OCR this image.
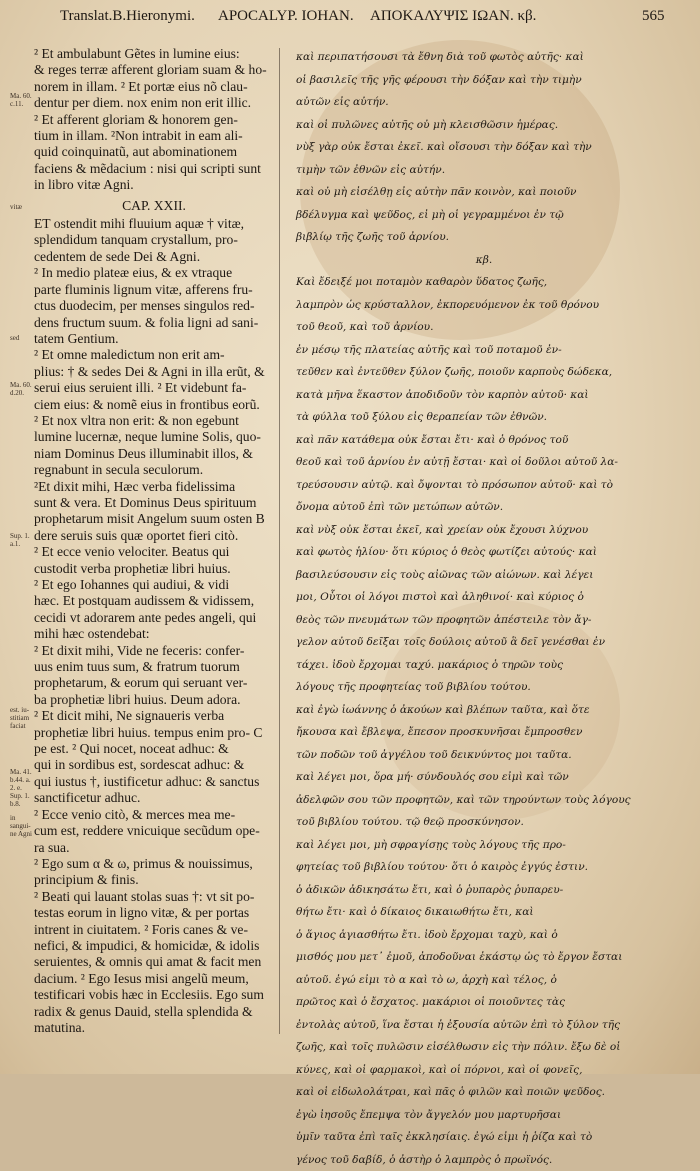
Translat.B.Hieronymi. APOCALYP. IOHAN. ΑΠΟΚΑΛΥΨΙΣ ΙΩΑΝ. κβ.	565
Ma. 60. c.11.
vitæ
sed
Ma. 60. d.20.
Sup. 1. a.1.
est. iu- stitiam faciat
Ma. 41. b.44. a. 2. e. Sup. 1. b.8.
in sangui- ne Agni
² Et ambulabunt Gẽtes in lumine eius:
& reges terræ afferent gloriam suam & ho-
norem in illam. ² Et portæ eius nõ clau-
dentur per diem. nox enim non erit illic.
² Et afferent gloriam & honorem gen-
tium in illam. ²Non intrabit in eam ali-
quid coinquinatũ, aut abominationem
faciens & mẽdacium : nisi qui scripti sunt
in libro vitæ Agni.
CAP. XXII.
ET ostendit mihi fluuium aquæ † vitæ,
splendidum tanquam crystallum, pro-
cedentem de sede Dei & Agni.
² In medio plateæ eius, & ex vtraque
parte fluminis lignum vitæ, afferens fru-
ctus duodecim, per menses singulos red-
dens fructum suum. & folia ligni ad sani-
tatem Gentium.
² Et omne maledictum non erit am-
plius: † & sedes Dei & Agni in illa erũt, &
serui eius seruient illi. ² Et videbunt fa-
ciem eius: & nomẽ eius in frontibus eorũ.
² Et nox vltra non erit: & non egebunt
lumine lucernæ, neque lumine Solis, quo-
niam Dominus Deus illuminabit illos, &
regnabunt in secula seculorum.
²Et dixit mihi, Hæc verba fidelissima
sunt & vera. Et Dominus Deus spirituum
prophetarum misit Angelum suum osten B
dere seruis suis quæ oportet fieri citò.
² Et ecce venio velociter. Beatus qui
custodit verba prophetiæ libri huius.
² Et ego Iohannes qui audiui, & vidi
hæc. Et postquam audissem & vidissem,
cecidi vt adorarem ante pedes angeli, qui
mihi hæc ostendebat:
² Et dixit mihi, Vide ne feceris: confer-
uus enim tuus sum, & fratrum tuorum
prophetarum, & eorum qui seruant ver-
ba prophetiæ libri huius. Deum adora.
² Et dicit mihi, Ne signaueris verba
prophetiæ libri huius. tempus enim pro- C
pe est. ² Qui nocet, noceat adhuc: &
qui in sordibus est, sordescat adhuc: &
qui iustus †, iustificetur adhuc: & sanctus
sanctificetur adhuc.
² Ecce venio citò, & merces mea me-
cum est, reddere vnicuique secũdum ope-
ra sua.
² Ego sum α & ω, primus & nouissimus,
principium & finis.
² Beati qui lauant stolas suas †: vt sit po-
testas eorum in ligno vitæ, & per portas
intrent in ciuitatem. ² Foris canes & ve-
nefici, & impudici, & homicidæ, & idolis
seruientes, & omnis qui amat & facit men
dacium. ² Ego Iesus misi angelũ meum,
testificari vobis hæc in Ecclesiis. Ego sum
radix & genus Dauid, stella splendida &
matutina.
καὶ περιπατήσουσι τὰ ἔθνη διὰ τοῦ φωτὸς αὐτῆς· καὶ
οἱ βασιλεῖς τῆς γῆς φέρουσι τὴν δόξαν καὶ τὴν τιμὴν
αὐτῶν εἰς αὐτήν.
καὶ οἱ πυλῶνες αὐτῆς οὐ μὴ κλεισθῶσιν ἡμέρας.
νὺξ γὰρ οὐκ ἔσται ἐκεῖ. καὶ οἴσουσι τὴν δόξαν καὶ τὴν
τιμὴν τῶν ἐθνῶν εἰς αὐτήν.
καὶ οὐ μὴ εἰσέλθῃ εἰς αὐτὴν πᾶν κοινὸν, καὶ ποιοῦν
βδέλυγμα καὶ ψεῦδος, εἰ μὴ οἱ γεγραμμένοι ἐν τῷ
βιβλίῳ τῆς ζωῆς τοῦ ἀρνίου.
κβ.
Καὶ ἔδειξέ μοι ποταμὸν καθαρὸν ὕδατος ζωῆς,
λαμπρὸν ὡς κρύσταλλον, ἐκπορευόμενον ἐκ τοῦ θρόνου
τοῦ θεοῦ, καὶ τοῦ ἀρνίου.
ἐν μέσῳ τῆς πλατείας αὐτῆς καὶ τοῦ ποταμοῦ ἐν-
τεῦθεν καὶ ἐντεῦθεν ξύλον ζωῆς, ποιοῦν καρποὺς δώδεκα,
κατὰ μῆνα ἕκαστον ἀποδιδοῦν τὸν καρπὸν αὐτοῦ· καὶ
τὰ φύλλα τοῦ ξύλου εἰς θεραπείαν τῶν ἐθνῶν.
καὶ πᾶν κατάθεμα οὐκ ἔσται ἔτι· καὶ ὁ θρόνος τοῦ
θεοῦ καὶ τοῦ ἀρνίου ἐν αὐτῇ ἔσται· καὶ οἱ δοῦλοι αὐτοῦ λα-
τρεύσουσιν αὐτῷ. καὶ ὄψονται τὸ πρόσωπον αὐτοῦ· καὶ τὸ
ὄνομα αὐτοῦ ἐπὶ τῶν μετώπων αὐτῶν.
καὶ νὺξ οὐκ ἔσται ἐκεῖ, καὶ χρείαν οὐκ ἔχουσι λύχνου
καὶ φωτὸς ἡλίου· ὅτι κύριος ὁ θεὸς φωτίζει αὐτούς· καὶ
βασιλεύσουσιν εἰς τοὺς αἰῶνας τῶν αἰώνων. καὶ λέγει
μοι, Οὗτοι οἱ λόγοι πιστοὶ καὶ ἀληθινοί· καὶ κύριος ὁ
θεὸς τῶν πνευμάτων τῶν προφητῶν ἀπέστειλε τὸν ἄγ-
γελον αὐτοῦ δεῖξαι τοῖς δούλοις αὐτοῦ ἃ δεῖ γενέσθαι ἐν
τάχει. ἰδοὺ ἔρχομαι ταχύ. μακάριος ὁ τηρῶν τοὺς
λόγους τῆς προφητείας τοῦ βιβλίου τούτου.
καὶ ἐγὼ ἰωάννης ὁ ἀκούων καὶ βλέπων ταῦτα, καὶ ὅτε
ἤκουσα καὶ ἔβλεψα, ἔπεσον προσκυνῆσαι ἔμπροσθεν
τῶν ποδῶν τοῦ ἀγγέλου τοῦ δεικνύντος μοι ταῦτα.
καὶ λέγει μοι, ὅρα μή· σύνδουλός σου εἰμὶ καὶ τῶν
ἀδελφῶν σου τῶν προφητῶν, καὶ τῶν τηρούντων τοὺς λόγους
τοῦ βιβλίου τούτου. τῷ θεῷ προσκύνησον.
καὶ λέγει μοι, μὴ σφραγίσῃς τοὺς λόγους τῆς προ-
φητείας τοῦ βιβλίου τούτου· ὅτι ὁ καιρὸς ἐγγύς ἐστιν.
ὁ ἀδικῶν ἀδικησάτω ἔτι, καὶ ὁ ῥυπαρὸς ῥυπαρευ-
θήτω ἔτι· καὶ ὁ δίκαιος δικαιωθήτω ἔτι, καὶ
ὁ ἅγιος ἁγιασθήτω ἔτι. ἰδοὺ ἔρχομαι ταχὺ, καὶ ὁ
μισθός μου μετ᾽ ἐμοῦ, ἀποδοῦναι ἑκάστῳ ὡς τὸ ἔργον ἔσται
αὐτοῦ. ἐγώ εἰμι τὸ α καὶ τὸ ω, ἀρχὴ καὶ τέλος, ὁ
πρῶτος καὶ ὁ ἔσχατος. μακάριοι οἱ ποιοῦντες τὰς
ἐντολὰς αὐτοῦ, ἵνα ἔσται ἡ ἐξουσία αὐτῶν ἐπὶ τὸ ξύλον τῆς
ζωῆς, καὶ τοῖς πυλῶσιν εἰσέλθωσιν εἰς τὴν πόλιν. ἔξω δὲ οἱ
κύνες, καὶ οἱ φαρμακοὶ, καὶ οἱ πόρνοι, καὶ οἱ φονεῖς,
καὶ οἱ εἰδωλολάτραι, καὶ πᾶς ὁ φιλῶν καὶ ποιῶν ψεῦδος.
ἐγὼ ἰησοῦς ἔπεμψα τὸν ἄγγελόν μου μαρτυρῆσαι
ὑμῖν ταῦτα ἐπὶ ταῖς ἐκκλησίαις. ἐγώ εἰμι ἡ ῥίζα καὶ τὸ
γένος τοῦ δαβίδ, ὁ ἀστὴρ ὁ λαμπρὸς ὁ πρωϊνός.
